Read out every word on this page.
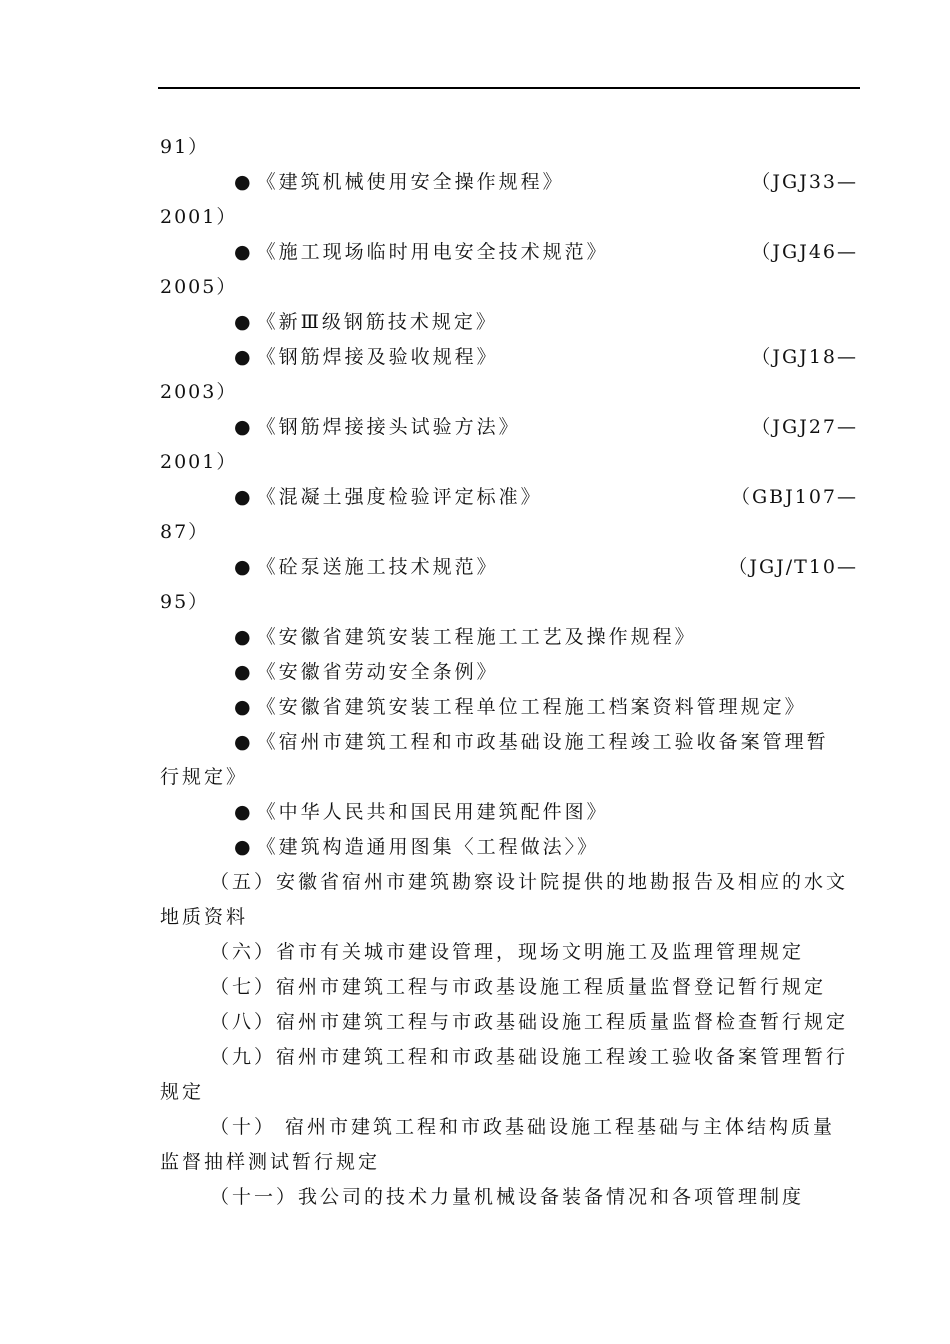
91）
● 《建筑机械使用安全操作规程》	（JGJ33—
2001）
● 《施工现场临时用电安全技术规范》	（JGJ46—
2005）
● 《新Ⅲ级钢筋技术规定》
● 《钢筋焊接及验收规程》	（JGJ18—
2003）
● 《钢筋焊接接头试验方法》	（JGJ27—
2001）
● 《混凝土强度检验评定标准》	（GBJ107—
87）
● 《砼泵送施工技术规范》	（JGJ/T10—
95）
● 《安徽省建筑安装工程施工工艺及操作规程》
● 《安徽省劳动安全条例》
● 《安徽省建筑安装工程单位工程施工档案资料管理规定》
● 《宿州市建筑工程和市政基础设施工程竣工验收备案管理暂
行规定》
● 《中华人民共和国民用建筑配件图》
● 《建筑构造通用图集〈工程做法〉》
（五）安徽省宿州市建筑勘察设计院提供的地勘报告及相应的水文
地质资料
（六）省市有关城市建设管理，现场文明施工及监理管理规定
（七）宿州市建筑工程与市政基设施工程质量监督登记暂行规定
（八）宿州市建筑工程与市政基础设施工程质量监督检查暂行规定
（九）宿州市建筑工程和市政基础设施工程竣工验收备案管理暂行
规定
（十） 宿州市建筑工程和市政基础设施工程基础与主体结构质量
监督抽样测试暂行规定
（十一）我公司的技术力量机械设备装备情况和各项管理制度
